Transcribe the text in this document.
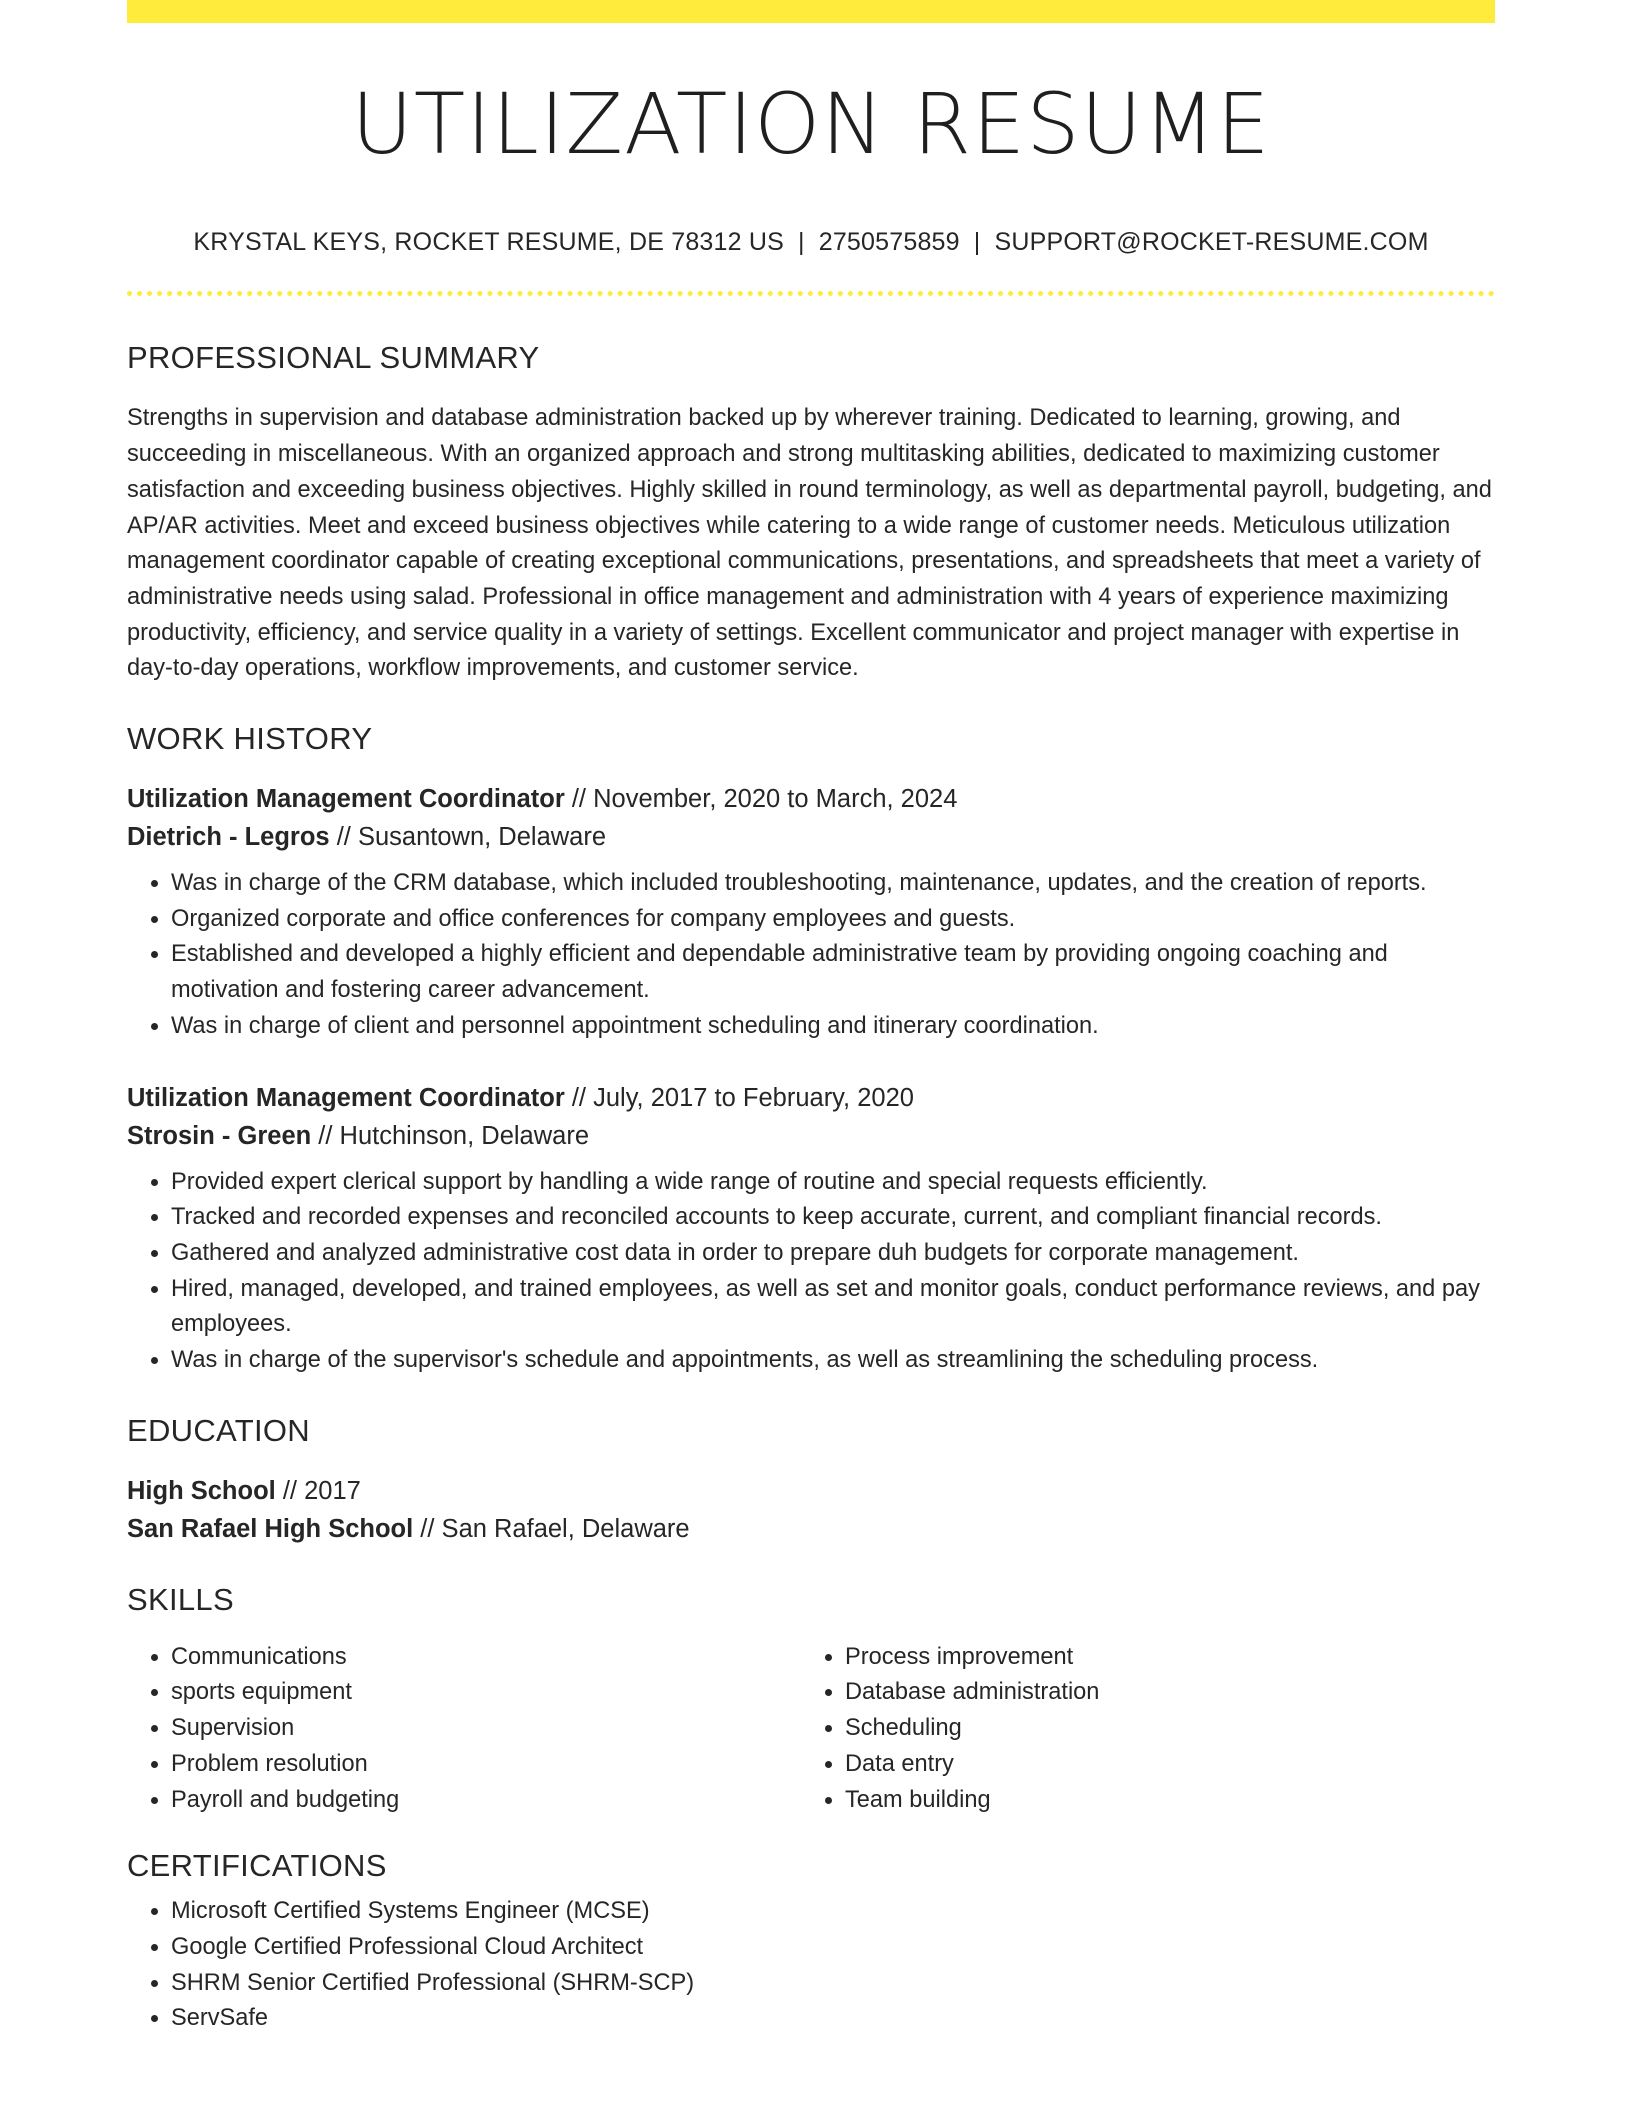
UTILIZATION RESUME
KRYSTAL KEYS, ROCKET RESUME, DE 78312 US | 2750575859 | SUPPORT@ROCKET-RESUME.COM
PROFESSIONAL SUMMARY

Strengths in supervision and database administration backed up by wherever training. Dedicated to learning, growing, and succeeding in miscellaneous. With an organized approach and strong multitasking abilities, dedicated to maximizing customer satisfaction and exceeding business objectives. Highly skilled in round terminology, as well as departmental payroll, budgeting, and AP/AR activities. Meet and exceed business objectives while catering to a wide range of customer needs. Meticulous utilization management coordinator capable of creating exceptional communications, presentations, and spreadsheets that meet a variety of administrative needs using salad. Professional in office management and administration with 4 years of experience maximizing productivity, efficiency, and service quality in a variety of settings. Excellent communicator and project manager with expertise in day-to-day operations, workflow improvements, and customer service.

WORK HISTORY
Utilization Management Coordinator // November, 2020 to March, 2024
Dietrich - Legros // Susantown, Delaware
• Was in charge of the CRM database, which included troubleshooting, maintenance, updates, and the creation of reports.
• Organized corporate and office conferences for company employees and guests.
• Established and developed a highly efficient and dependable administrative team by providing ongoing coaching and motivation and fostering career advancement.
• Was in charge of client and personnel appointment scheduling and itinerary coordination.
Utilization Management Coordinator // July, 2017 to February, 2020
Strosin - Green // Hutchinson, Delaware
• Provided expert clerical support by handling a wide range of routine and special requests efficiently.
• Tracked and recorded expenses and reconciled accounts to keep accurate, current, and compliant financial records.
• Gathered and analyzed administrative cost data in order to prepare duh budgets for corporate management.
• Hired, managed, developed, and trained employees, as well as set and monitor goals, conduct performance reviews, and pay employees.
• Was in charge of the supervisor's schedule and appointments, as well as streamlining the scheduling process.
EDUCATION
High School // 2017
San Rafael High School // San Rafael, Delaware
SKILLS
• Communications
• sports equipment
• Supervision
• Problem resolution
• Payroll and budgeting
• Process improvement
• Database administration
• Scheduling
• Data entry
• Team building
CERTIFICATIONS
• Microsoft Certified Systems Engineer (MCSE)
• Google Certified Professional Cloud Architect
• SHRM Senior Certified Professional (SHRM-SCP)
• ServSafe
